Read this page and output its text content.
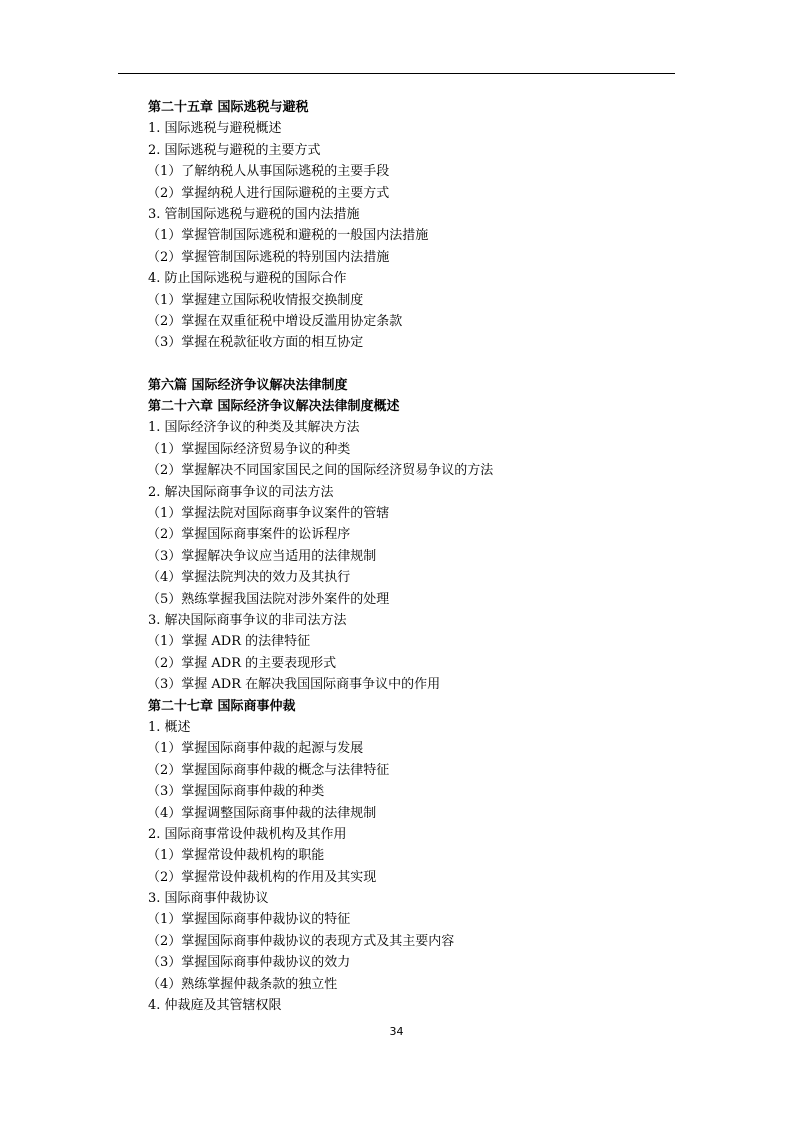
第二十五章 国际逃税与避税
1. 国际逃税与避税概述
2. 国际逃税与避税的主要方式
（1）了解纳税人从事国际逃税的主要手段
（2）掌握纳税人进行国际避税的主要方式
3. 管制国际逃税与避税的国内法措施
（1）掌握管制国际逃税和避税的一般国内法措施
（2）掌握管制国际逃税的特别国内法措施
4. 防止国际逃税与避税的国际合作
（1）掌握建立国际税收情报交换制度
（2）掌握在双重征税中增设反滥用协定条款
（3）掌握在税款征收方面的相互协定
第六篇 国际经济争议解决法律制度
第二十六章 国际经济争议解决法律制度概述
1. 国际经济争议的种类及其解决方法
（1）掌握国际经济贸易争议的种类
（2）掌握解决不同国家国民之间的国际经济贸易争议的方法
2. 解决国际商事争议的司法方法
（1）掌握法院对国际商事争议案件的管辖
（2）掌握国际商事案件的讼诉程序
（3）掌握解决争议应当适用的法律规制
（4）掌握法院判决的效力及其执行
（5）熟练掌握我国法院对涉外案件的处理
3. 解决国际商事争议的非司法方法
（1）掌握 ADR 的法律特征
（2）掌握 ADR 的主要表现形式
（3）掌握 ADR 在解决我国国际商事争议中的作用
第二十七章 国际商事仲裁
1. 概述
（1）掌握国际商事仲裁的起源与发展
（2）掌握国际商事仲裁的概念与法律特征
（3）掌握国际商事仲裁的种类
（4）掌握调整国际商事仲裁的法律规制
2. 国际商事常设仲裁机构及其作用
（1）掌握常设仲裁机构的职能
（2）掌握常设仲裁机构的作用及其实现
3. 国际商事仲裁协议
（1）掌握国际商事仲裁协议的特征
（2）掌握国际商事仲裁协议的表现方式及其主要内容
（3）掌握国际商事仲裁协议的效力
（4）熟练掌握仲裁条款的独立性
4. 仲裁庭及其管辖权限
34
